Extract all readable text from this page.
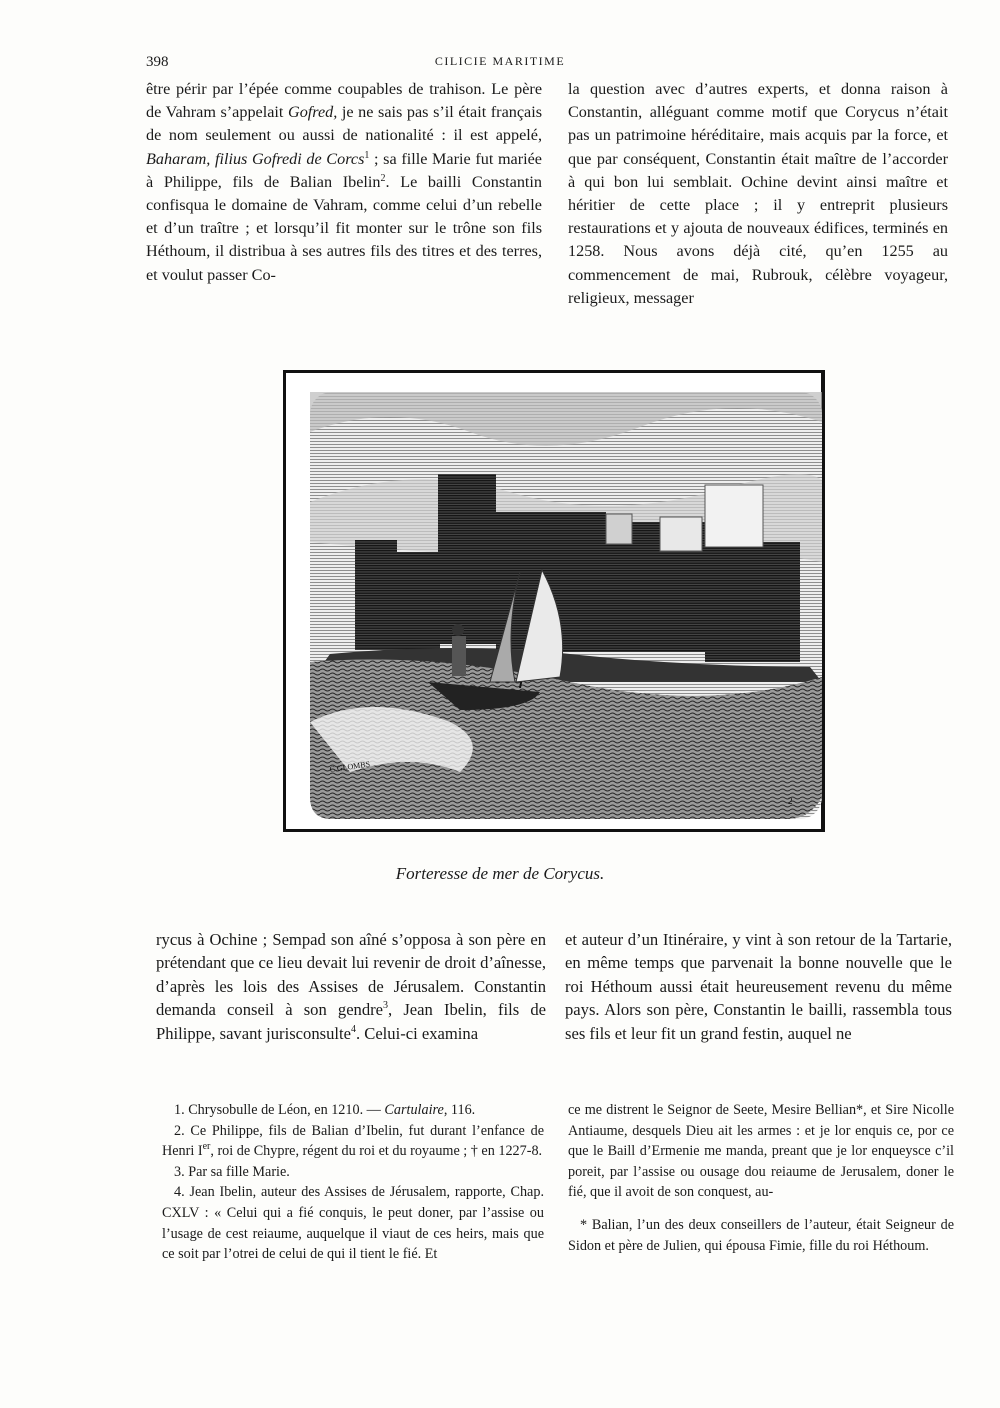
398	CILICIE MARITIME

être périr par l’épée comme coupables de trahison. Le père de Vahram s’appelait Gofred, je ne sais pas s’il était français de nom seulement ou aussi de nationalité : il est appelé, Baharam, filius Gofredi de Corcs$^1$ ; sa fille Marie fut mariée à Philippe, fils de Balian Ibelin$^2$. Le bailli Constantin confisqua le domaine de Vahram, comme celui d’un rebelle et d’un traître ; et lorsqu’il fit monter sur le trône son fils Héthoum, il distribua à ses autres fils des titres et des terres, et voulut passer Co-

la question avec d’autres experts, et donna raison à Constantin, alléguant comme motif que Corycus n’était pas un patrimoine héréditaire, mais acquis par la force, et que par conséquent, Constantin était maître de l’accorder à qui bon lui semblait. Ochine devint ainsi maître et héritier de cette place ; il y entreprit plusieurs restaurations et y ajouta de nouveaux édifices, terminés en 1258. Nous avons déjà cité, qu’en 1255 au commencement de mai, Rubrouk, célèbre voyageur, religieux, messager

C.GLOMBS
2
Forteresse de mer de Corycus.

rycus à Ochine ; Sempad son aîné s’opposa à son père en prétendant que ce lieu devait lui revenir de droit d’aînesse, d’après les lois des Assises de Jérusalem. Constantin demanda conseil à son gendre$^3$, Jean Ibelin, fils de Philippe, savant jurisconsulte$^4$. Celui-ci examina

et auteur d’un Itinéraire, y vint à son retour de la Tartarie, en même temps que parvenait la bonne nouvelle que le roi Héthoum aussi était heureusement revenu du même pays. Alors son père, Constantin le bailli, rassembla tous ses fils et leur fit un grand festin, auquel ne

1. Chrysobulle de Léon, en 1210. — Cartulaire, 116.

2. Ce Philippe, fils de Balian d’Ibelin, fut durant l’enfance de Henri Ier, roi de Chypre, régent du roi et du royaume ; † en 1227-8.

3. Par sa fille Marie.

4. Jean Ibelin, auteur des Assises de Jérusalem, rapporte, Chap. CXLV : « Celui qui a fié conquis, le peut doner, par l’assise ou l’usage de cest reiaume, auquelque il viaut de ces heirs, mais que ce soit par l’otrei de celui de qui il tient le fié. Et

ce me distrent le Seignor de Seete, Mesire Bellian*, et Sire Nicolle Antiaume, desquels Dieu ait les armes : et je lor enquis ce, por ce que le Baill d’Ermenie me manda, preant que je lor enqueysce c’il poreit, par l’assise ou ousage dou reiaume de Jerusalem, doner le fié, que il avoit de son conquest, au-

* Balian, l’un des deux conseillers de l’auteur, était Seigneur de Sidon et père de Julien, qui épousa Fimie, fille du roi Héthoum.
